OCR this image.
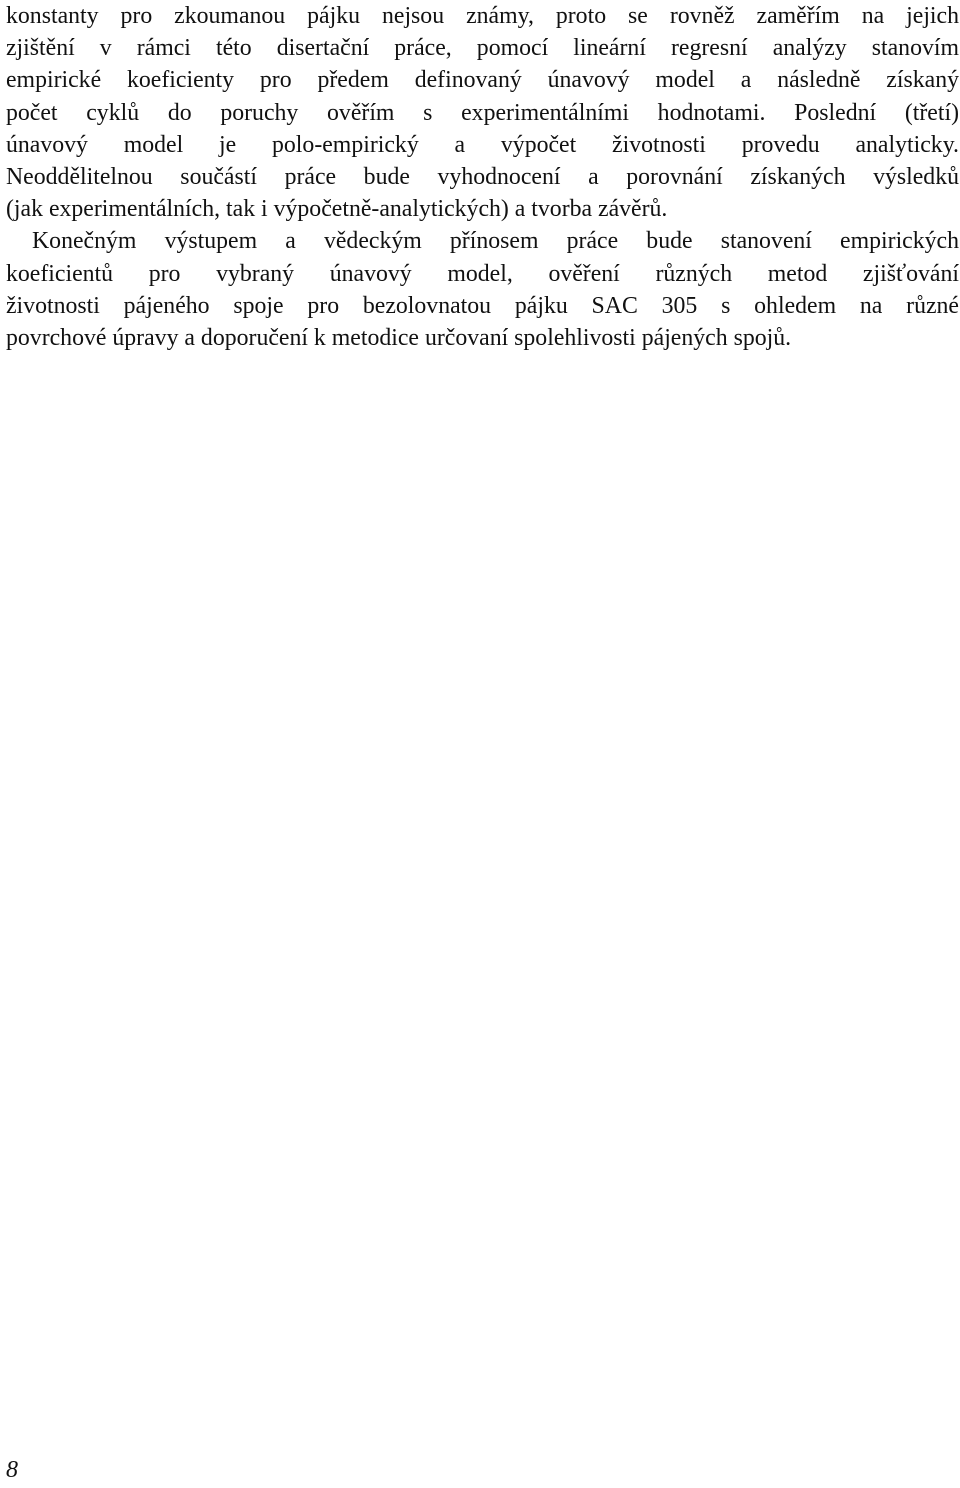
konstanty pro zkoumanou pájku nejsou známy, proto se rovněž zaměřím na jejich
zjištění v rámci této disertační práce, pomocí lineární regresní analýzy stanovím
empirické koeficienty pro předem definovaný únavový model a následně získaný
počet cyklů do poruchy ověřím s experimentálními hodnotami. Poslední (třetí)
únavový model je polo-empirický a výpočet životnosti provedu analyticky.
Neoddělitelnou součástí práce bude vyhodnocení a porovnání získaných výsledků
(jak experimentálních, tak i výpočetně-analytických) a tvorba závěrů.
Konečným výstupem a vědeckým přínosem práce bude stanovení empirických
koeficientů pro vybraný únavový model, ověření různých metod zjišťování
životnosti pájeného spoje pro bezolovnatou pájku SAC 305 s ohledem na různé
povrchové úpravy a doporučení k metodice určovaní spolehlivosti pájených spojů.
8
